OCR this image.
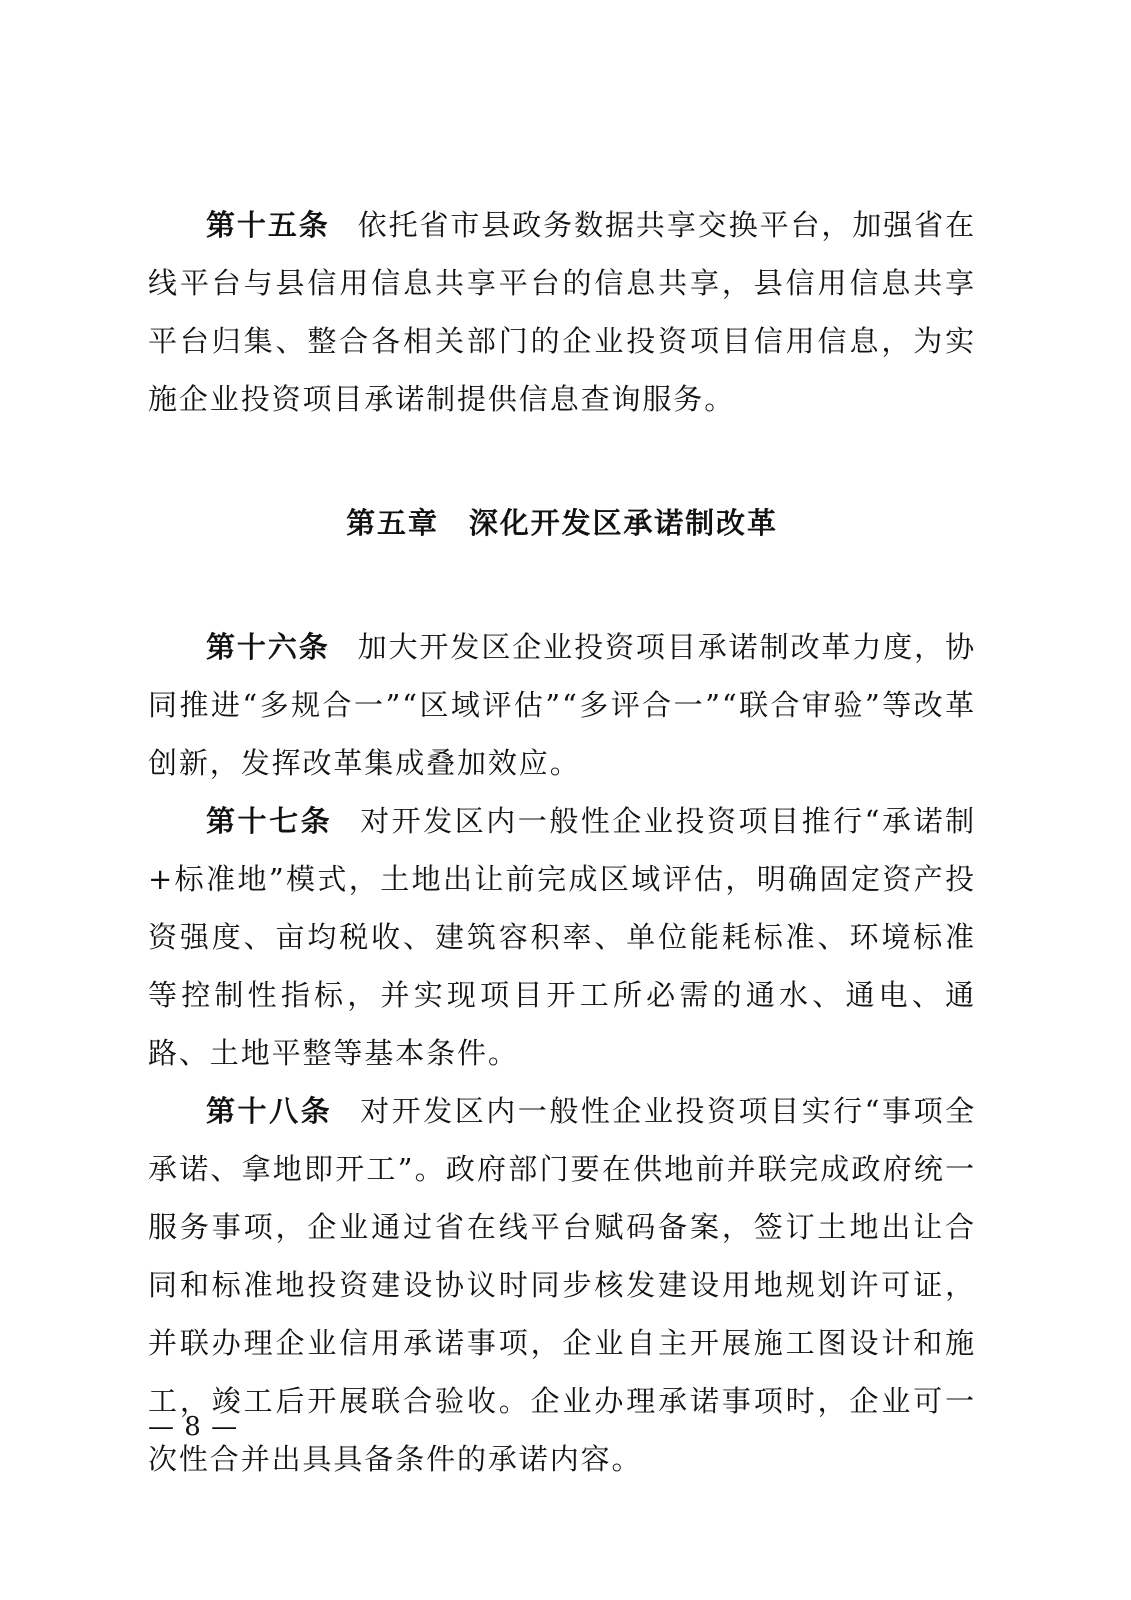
第十五条 依托省市县政务数据共享交换平台，加强省在线平台与县信用信息共享平台的信息共享，县信用信息共享平台归集、整合各相关部门的企业投资项目信用信息，为实施企业投资项目承诺制提供信息查询服务。

第五章 深化开发区承诺制改革

第十六条 加大开发区企业投资项目承诺制改革力度，协同推进“多规合一”“区域评估”“多评合一”“联合审验”等改革创新，发挥改革集成叠加效应。

第十七条 对开发区内一般性企业投资项目推行“承诺制+标准地”模式，土地出让前完成区域评估，明确固定资产投资强度、亩均税收、建筑容积率、单位能耗标准、环境标准等控制性指标，并实现项目开工所必需的通水、通电、通路、土地平整等基本条件。

第十八条 对开发区内一般性企业投资项目实行“事项全承诺、拿地即开工”。政府部门要在供地前并联完成政府统一服务事项，企业通过省在线平台赋码备案，签订土地出让合同和标准地投资建设协议时同步核发建设用地规划许可证，并联办理企业信用承诺事项，企业自主开展施工图设计和施工，竣工后开展联合验收。企业办理承诺事项时，企业可一次性合并出具具备条件的承诺内容。

— 8 —
